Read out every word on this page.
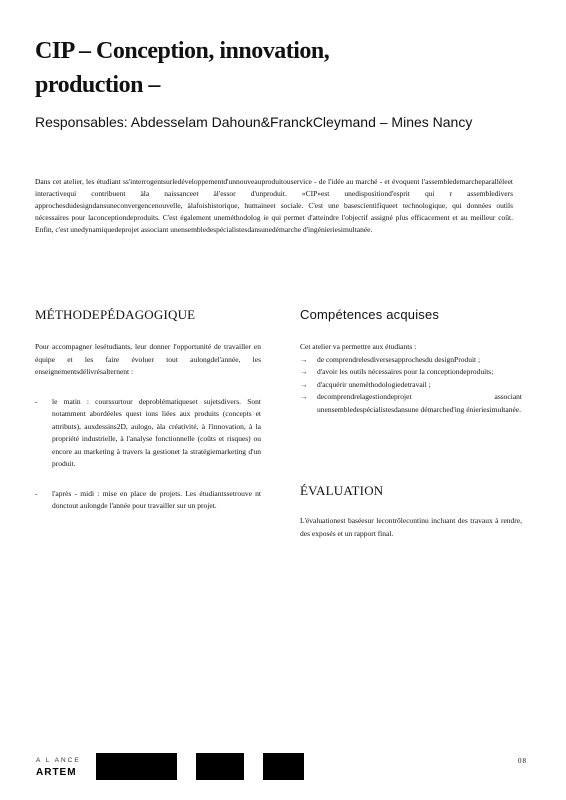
CIP – Conception, innovation, production –

Responsables: Abdesselam Dahoun&FranckCleymand – Mines Nancy

Dans cet atelier, les étudiant ss'interrogentsurledéveloppementd'unnouveauproduitouservice - de l'idée au marché - et évoquent l'assembledemarcheparallèleet interactivequi contribuent àla naissanceet àl'essor d'unproduit. «CIP»est unedispositiond'esprit qui r assembledivers approchesdudesigndansuneconvergencenouvelle, àlafoishistorique, humaineet sociale. C'est une basescientifiqueet technologique, qui données outils nécessaires pour laconceptiondeproduits. C'est également uneméthodolog ie qui permet d'atteindre l'objectif assigné plus efficacement et au meilleur coût. Enfin, c'est unedynamiquedeprojet associant unensembledespécialistesdansunedémarche d'ingénieriesimultanée.

MÉTHODEPÉDAGOGIQUE

Pour accompagner lesétudiants, leur donner l'opportunité de travailler en équipe et les faire évoluer tout aulongdel'année, les enseignementsdélivrésalternent :

- le matin : courssurtour deproblématiqueset sujetsdivers. Sont notamment abordéeles quest ions liées aux produits (concepts et attributs), auxdessins2D, aulogo, àla créativité, à l'innovation, à la propriété industrielle, à l'analyse fonctionnelle (coûts et risques) ou encore au marketing à travers la gestionet la stratégiemarketing d'un produit.
- l'après - midi : mise en place de projets. Les étudiantssetrouve nt donctout aulongde l'année pour travailler sur un projet.
Compétences acquises

Cet atelier va permettre aux étudiants :

→ de comprendrelesdiversesapprochesdu designProduit ;
→ d'avoir les outils nécessaires pour la conceptiondeproduits;
→ d'acquérir uneméthodologiedetravail ;
→ decomprendrelagestiondeprojet associant unensembledespécialistesdansune démarched'ing énieriesimultanée.
ÉVALUATION

L'évaluationest baséesur lecontrôlecontinu incluant des travaux à rendre, des exposés et un rapport final.

A L ANCE
ARTEM
08
